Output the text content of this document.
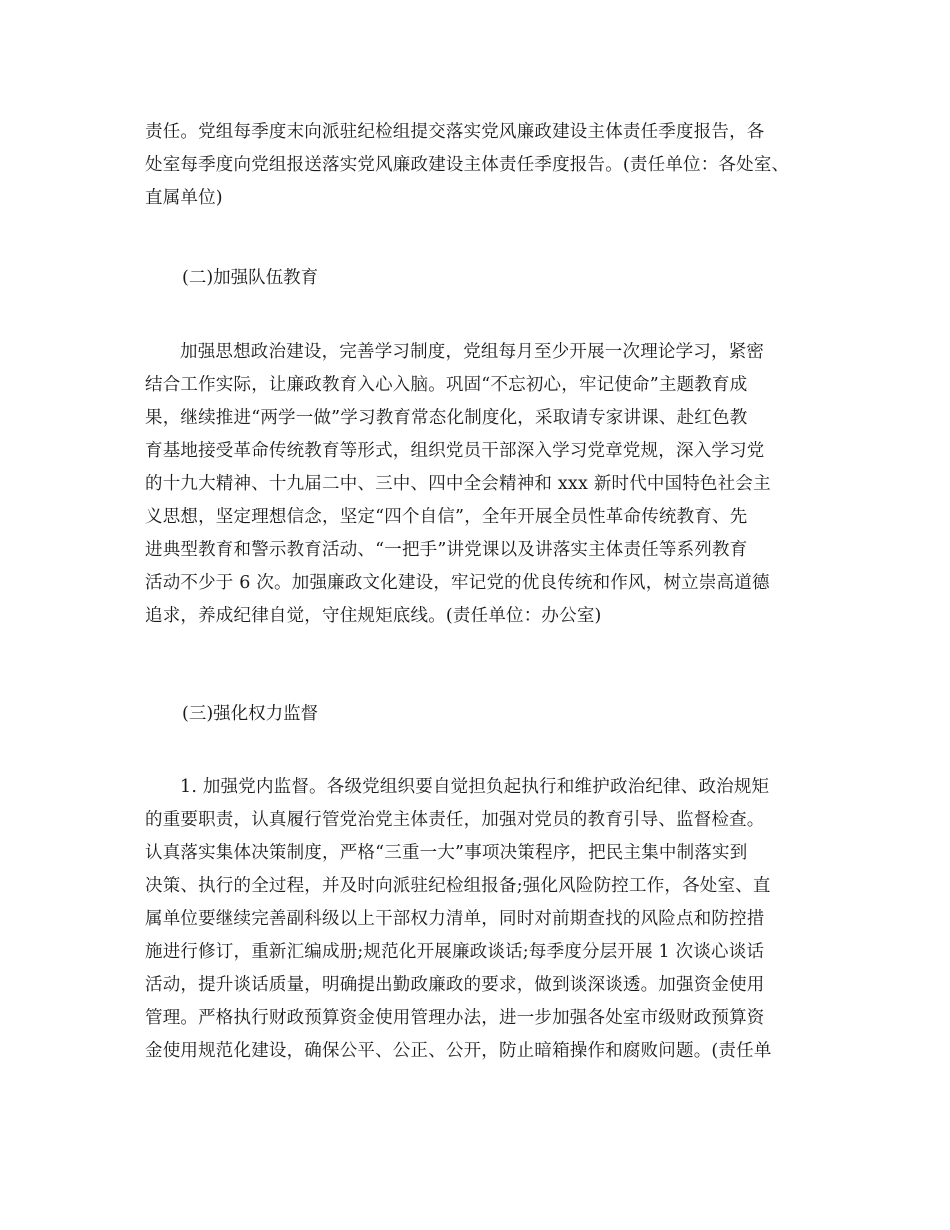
责任。党组每季度末向派驻纪检组提交落实党风廉政建设主体责任季度报告，各
处室每季度向党组报送落实党风廉政建设主体责任季度报告。(责任单位：各处室、
直属单位)
(二)加强队伍教育
加强思想政治建设，完善学习制度，党组每月至少开展一次理论学习，紧密
结合工作实际，让廉政教育入心入脑。巩固“不忘初心，牢记使命”主题教育成
果，继续推进“两学一做”学习教育常态化制度化，采取请专家讲课、赴红色教
育基地接受革命传统教育等形式，组织党员干部深入学习党章党规，深入学习党
的十九大精神、十九届二中、三中、四中全会精神和 xxx 新时代中国特色社会主
义思想，坚定理想信念，坚定“四个自信”，全年开展全员性革命传统教育、先
进典型教育和警示教育活动、“一把手”讲党课以及讲落实主体责任等系列教育
活动不少于 6 次。加强廉政文化建设，牢记党的优良传统和作风，树立崇高道德
追求，养成纪律自觉，守住规矩底线。(责任单位：办公室)
(三)强化权力监督
1. 加强党内监督。各级党组织要自觉担负起执行和维护政治纪律、政治规矩
的重要职责，认真履行管党治党主体责任，加强对党员的教育引导、监督检查。
认真落实集体决策制度，严格“三重一大”事项决策程序，把民主集中制落实到
决策、执行的全过程，并及时向派驻纪检组报备;强化风险防控工作，各处室、直
属单位要继续完善副科级以上干部权力清单，同时对前期查找的风险点和防控措
施进行修订，重新汇编成册;规范化开展廉政谈话;每季度分层开展 1 次谈心谈话
活动，提升谈话质量，明确提出勤政廉政的要求，做到谈深谈透。加强资金使用
管理。严格执行财政预算资金使用管理办法，进一步加强各处室市级财政预算资
金使用规范化建设，确保公平、公正、公开，防止暗箱操作和腐败问题。(责任单
